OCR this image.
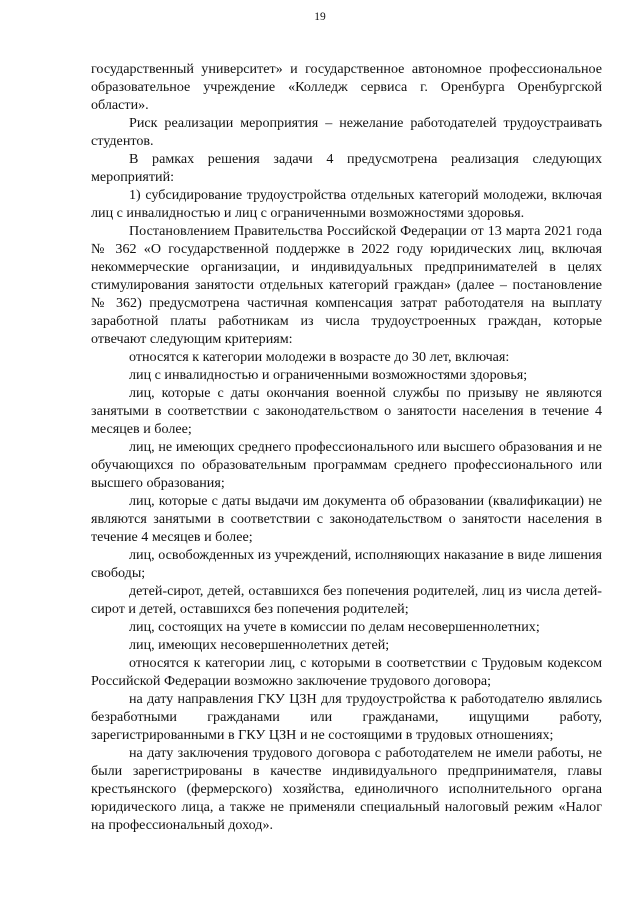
19

государственный университет» и государственное автономное профессиональное образовательное учреждение «Колледж сервиса г. Оренбурга Оренбургской области».

Риск реализации мероприятия – нежелание работодателей трудоустраивать студентов.

В рамках решения задачи 4 предусмотрена реализация следующих мероприятий:

1) субсидирование трудоустройства отдельных категорий молодежи, включая лиц с инвалидностью и лиц с ограниченными возможностями здоровья.

Постановлением Правительства Российской Федерации от 13 марта 2021 года № 362 «О государственной поддержке в 2022 году юридических лиц, включая некоммерческие организации, и индивидуальных предпринимателей в целях стимулирования занятости отдельных категорий граждан» (далее – постановление № 362) предусмотрена частичная компенсация затрат работодателя на выплату заработной платы работникам из числа трудоустроенных граждан, которые отвечают следующим критериям:

относятся к категории молодежи в возрасте до 30 лет, включая:

лиц с инвалидностью и ограниченными возможностями здоровья;

лиц, которые с даты окончания военной службы по призыву не являются занятыми в соответствии с законодательством о занятости населения в течение 4 месяцев и более;

лиц, не имеющих среднего профессионального или высшего образования и не обучающихся по образовательным программам среднего профессионального или высшего образования;

лиц, которые с даты выдачи им документа об образовании (квалификации) не являются занятыми в соответствии с законодательством о занятости населения в течение 4 месяцев и более;

лиц, освобожденных из учреждений, исполняющих наказание в виде лишения свободы;

детей-сирот, детей, оставшихся без попечения родителей, лиц из числа детей-сирот и детей, оставшихся без попечения родителей;

лиц, состоящих на учете в комиссии по делам несовершеннолетних;

лиц, имеющих несовершеннолетних детей;

относятся к категории лиц, с которыми в соответствии с Трудовым кодексом Российской Федерации возможно заключение трудового договора;

на дату направления ГКУ ЦЗН для трудоустройства к работодателю являлись безработными гражданами или гражданами, ищущими работу, зарегистрированными в ГКУ ЦЗН и не состоящими в трудовых отношениях;

на дату заключения трудового договора с работодателем не имели работы, не были зарегистрированы в качестве индивидуального предпринимателя, главы крестьянского (фермерского) хозяйства, единоличного исполнительного органа юридического лица, а также не применяли специальный налоговый режим «Налог на профессиональный доход».
